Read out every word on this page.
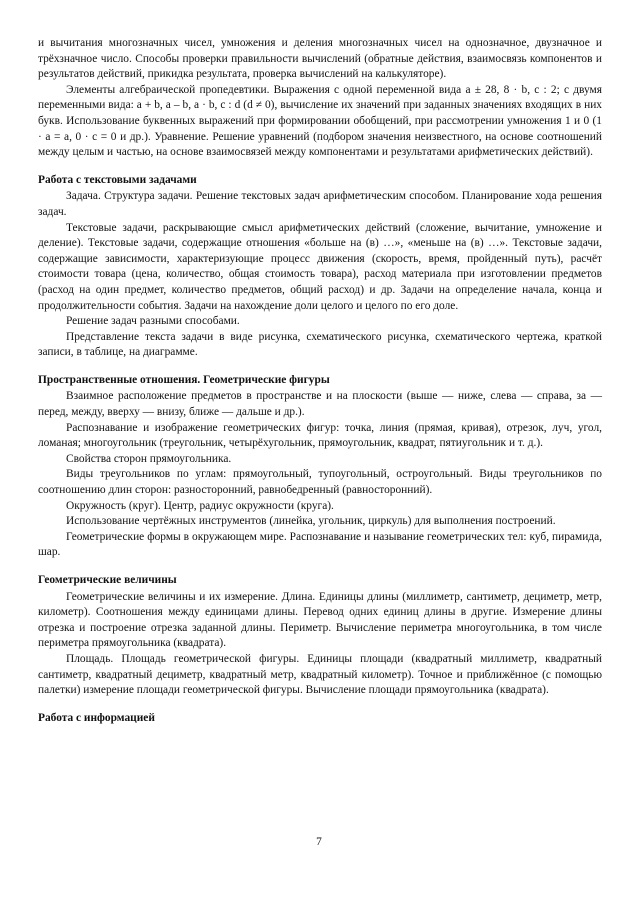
и вычитания многозначных чисел, умножения и деления многозначных чисел на однозначное, двузначное и трёхзначное число. Способы проверки правильности вычислений (обратные действия, взаимосвязь компонентов и результатов действий, прикидка результата, проверка вычислений на калькуляторе).

Элементы алгебраической пропедевтики. Выражения с одной переменной вида a ± 28, 8 · b, c : 2; с двумя переменными вида: a + b, a – b, a · b, c : d (d ≠ 0), вычисление их значений при заданных значениях входящих в них букв. Использование буквенных выражений при формировании обобщений, при рассмотрении умножения 1 и 0 (1 · a = a, 0 · c = 0 и др.). Уравнение. Решение уравнений (подбором значения неизвестного, на основе соотношений между целым и частью, на основе взаимосвязей между компонентами и результатами арифметических действий).

Работа с текстовыми задачами

Задача. Структура задачи. Решение текстовых задач арифметическим способом. Планирование хода решения задач.

Текстовые задачи, раскрывающие смысл арифметических действий (сложение, вычитание, умножение и деление). Текстовые задачи, содержащие отношения «больше на (в) …», «меньше на (в) …». Текстовые задачи, содержащие зависимости, характеризующие процесс движения (скорость, время, пройденный путь), расчёт стоимости товара (цена, количество, общая стоимость товара), расход материала при изготовлении предметов (расход на один предмет, количество предметов, общий расход) и др. Задачи на определение начала, конца и продолжительности события. Задачи на нахождение доли целого и целого по его доле.

Решение задач разными способами.

Представление текста задачи в виде рисунка, схематического рисунка, схематического чертежа, краткой записи, в таблице, на диаграмме.

Пространственные отношения. Геометрические фигуры

Взаимное расположение предметов в пространстве и на плоскости (выше — ниже, слева — справа, за — перед, между, вверху — внизу, ближе — дальше и др.).

Распознавание и изображение геометрических фигур: точка, линия (прямая, кривая), отрезок, луч, угол, ломаная; многоугольник (треугольник, четырёхугольник, прямоугольник, квадрат, пятиугольник и т. д.).

Свойства сторон прямоугольника.

Виды треугольников по углам: прямоугольный, тупоугольный, остроугольный. Виды треугольников по соотношению длин сторон: разносторонний, равнобедренный (равносторонний).

Окружность (круг). Центр, радиус окружности (круга).

Использование чертёжных инструментов (линейка, угольник, циркуль) для выполнения построений.

Геометрические формы в окружающем мире. Распознавание и называние геометрических тел: куб, пирамида, шар.

Геометрические величины

Геометрические величины и их измерение. Длина. Единицы длины (миллиметр, сантиметр, дециметр, метр, километр). Соотношения между единицами длины. Перевод одних единиц длины в другие. Измерение длины отрезка и построение отрезка заданной длины. Периметр. Вычисление периметра многоугольника, в том числе периметра прямоугольника (квадрата).

Площадь. Площадь геометрической фигуры. Единицы площади (квадратный миллиметр, квадратный сантиметр, квадратный дециметр, квадратный метр, квадратный километр). Точное и приближённое (с помощью палетки) измерение площади геометрической фигуры. Вычисление площади прямоугольника (квадрата).

Работа с информацией

7
